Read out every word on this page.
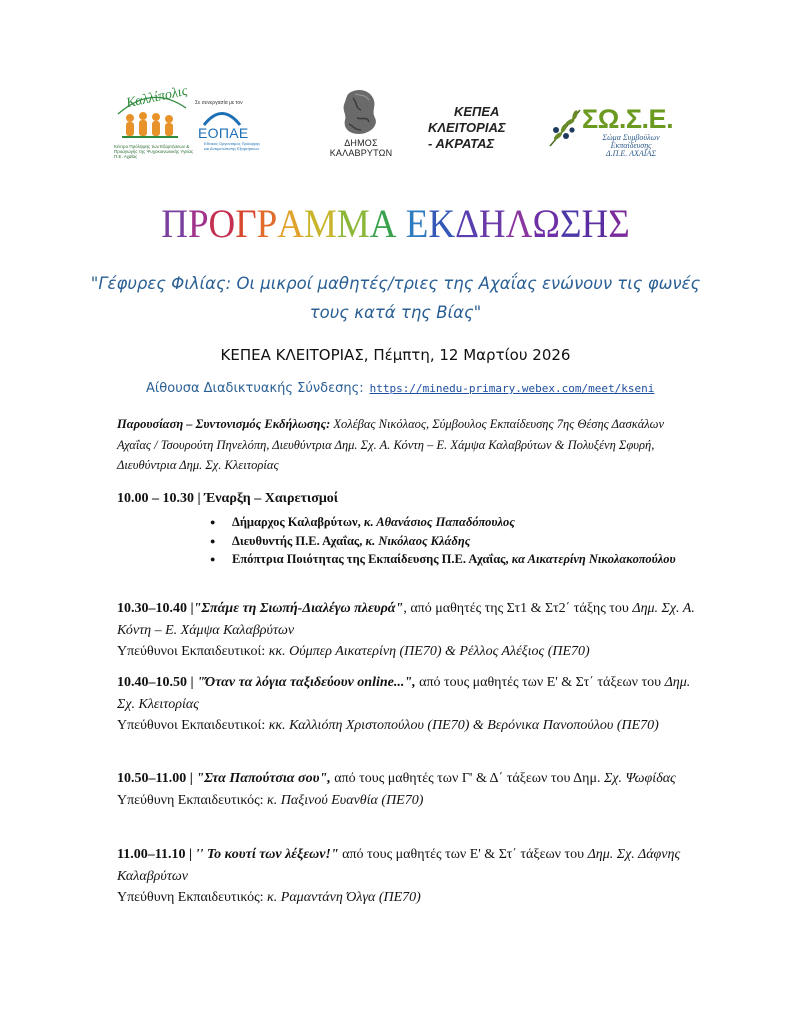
Καλλίπολις
Κέντρο Πρόληψης των Εξαρτήσεων & Προαγωγής της Ψυχοκοινωνικής Υγείας Π.Ε. Αχαΐας
Σε συνεργασία με τον
ΕΟΠΑΕ
Εθνικός Οργανισμός Πρόληψης και Αντιμετώπισης Εξαρτήσεων	ΔΗΜΟΣ ΚΑΛΑΒΡΥΤΩΝ
ΚΕΠΕΑ
ΚΛΕΙΤΟΡΙΑΣ
- ΑΚΡΑΤΑΣ
ΣΩ.Σ.Ε.
Σώμα Συμβούλων Εκπαίδευσης
Δ.Π.Ε. ΑΧΑΪΑΣ
ΠΡΟΓΡΑΜΜΑ ΕΚΔΗΛΩΣΗΣ
"Γέφυρες Φιλίας: Οι μικροί μαθητές/τριες της Αχαΐας ενώνουν τις φωνές τους κατά της Βίας"
ΚΕΠΕΑ ΚΛΕΙΤΟΡΙΑΣ, Πέμπτη, 12 Μαρτίου 2026
Αίθουσα Διαδικτυακής Σύνδεσης: https://minedu-primary.webex.com/meet/kseni
Παρουσίαση – Συντονισμός Εκδήλωσης: Χολέβας Νικόλαος, Σύμβουλος Εκπαίδευσης 7ης Θέσης Δασκάλων Αχαΐας / Τσουρούτη Πηνελόπη, Διευθύντρια Δημ. Σχ. Α. Κόντη – Ε. Χάμψα Καλαβρύτων & Πολυξένη Σφυρή, Διευθύντρια Δημ. Σχ. Κλειτορίας
10.00 – 10.30 | Έναρξη – Χαιρετισμοί
● Δήμαρχος Καλαβρύτων, κ. Αθανάσιος Παπαδόπουλος
● Διευθυντής Π.Ε. Αχαΐας, κ. Νικόλαος Κλάδης
● Επόπτρια Ποιότητας της Εκπαίδευσης Π.Ε. Αχαΐας, κα Αικατερίνη Νικολακοπούλου
10.30–10.40 |"Σπάμε τη Σιωπή-Διαλέγω πλευρά", από μαθητές της Στ1 & Στ2΄ τάξης του Δημ. Σχ. Α. Κόντη – Ε. Χάμψα Καλαβρύτων
Υπεύθυνοι Εκπαιδευτικοί: κκ. Ούμπερ Αικατερίνη (ΠΕ70) & Ρέλλος Αλέξιος (ΠΕ70)
10.40–10.50 | "Όταν τα λόγια ταξιδεύουν online...", από τους μαθητές των Ε' & Στ΄ τάξεων του Δημ. Σχ. Κλειτορίας
Υπεύθυνοι Εκπαιδευτικοί: κκ. Καλλιόπη Χριστοπούλου (ΠΕ70) & Βερόνικα Πανοπούλου (ΠΕ70)
10.50–11.00 | "Στα Παπούτσια σου", από τους μαθητές των Γ' & Δ΄ τάξεων του Δημ. Σχ. Ψωφίδας
Υπεύθυνη Εκπαιδευτικός: κ. Παξινού Ευανθία (ΠΕ70)
11.00–11.10 | '' Το κουτί των λέξεων!" από τους μαθητές των Ε' & Στ΄ τάξεων του Δημ. Σχ. Δάφνης Καλαβρύτων
Υπεύθυνη Εκπαιδευτικός: κ. Ραμαντάνη Όλγα (ΠΕ70)
